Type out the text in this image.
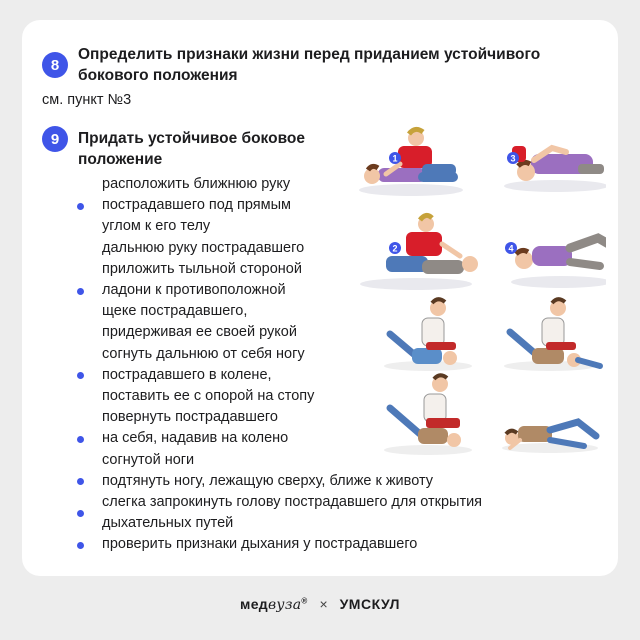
8
Определить признаки жизни перед приданием устойчивого
бокового положения
см. пункт №3
9	Придать устойчивое боковое
положение	1	3
2	4
расположить ближнюю руку
пострадавшего под прямым
углом к его телу
дальнюю руку пострадавшего
приложить тыльной стороной
ладони к противоположной
щеке пострадавшего,
придерживая ее своей рукой
согнуть дальнюю от себя ногу
пострадавшего в колене,
поставить ее с опорой на стопу
повернуть пострадавшего
на себя, надавив на колено
согнутой ноги
подтянуть ногу, лежащую сверху, ближе к животу
слегка запрокинуть голову пострадавшего для открытия
дыхательных путей
проверить признаки дыхания у пострадавшего
медвуза® × УМСКУЛ
